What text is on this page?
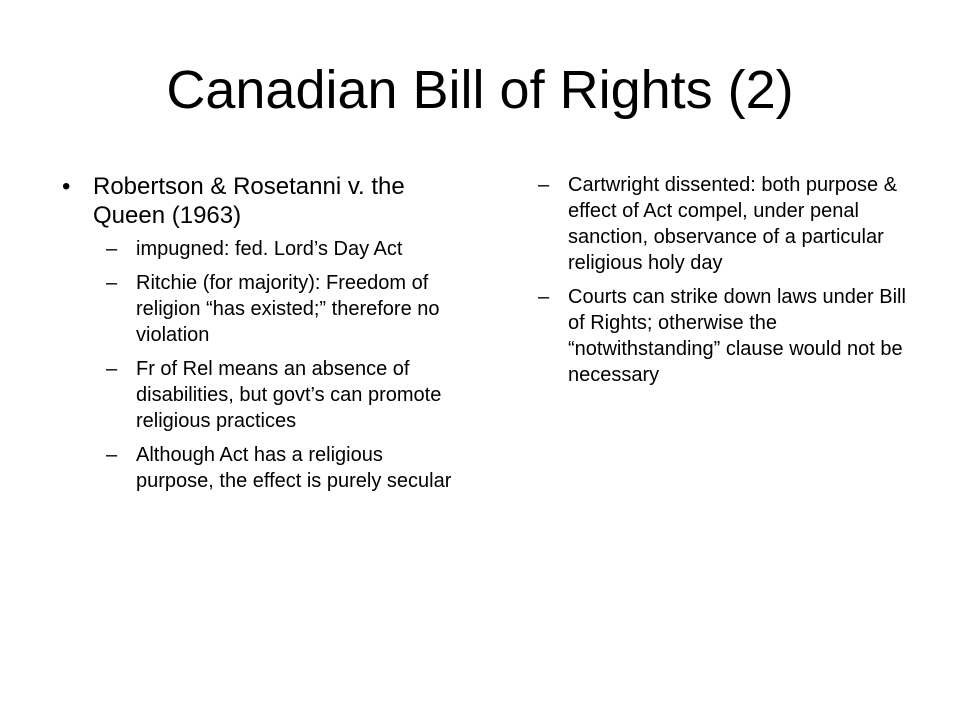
Canadian Bill of Rights (2)
• Robertson & Rosetanni v. the Queen (1963)
– impugned: fed. Lord’s Day Act
– Ritchie (for majority): Freedom of religion “has existed;” therefore no violation
– Fr of Rel means an absence of disabilities, but govt’s can promote religious practices
– Although Act has a religious purpose, the effect is purely secular
– Cartwright dissented: both purpose & effect of Act compel, under penal sanction, observance of a particular religious holy day
– Courts can strike down laws under Bill of Rights; otherwise the “notwithstanding” clause would not be necessary
